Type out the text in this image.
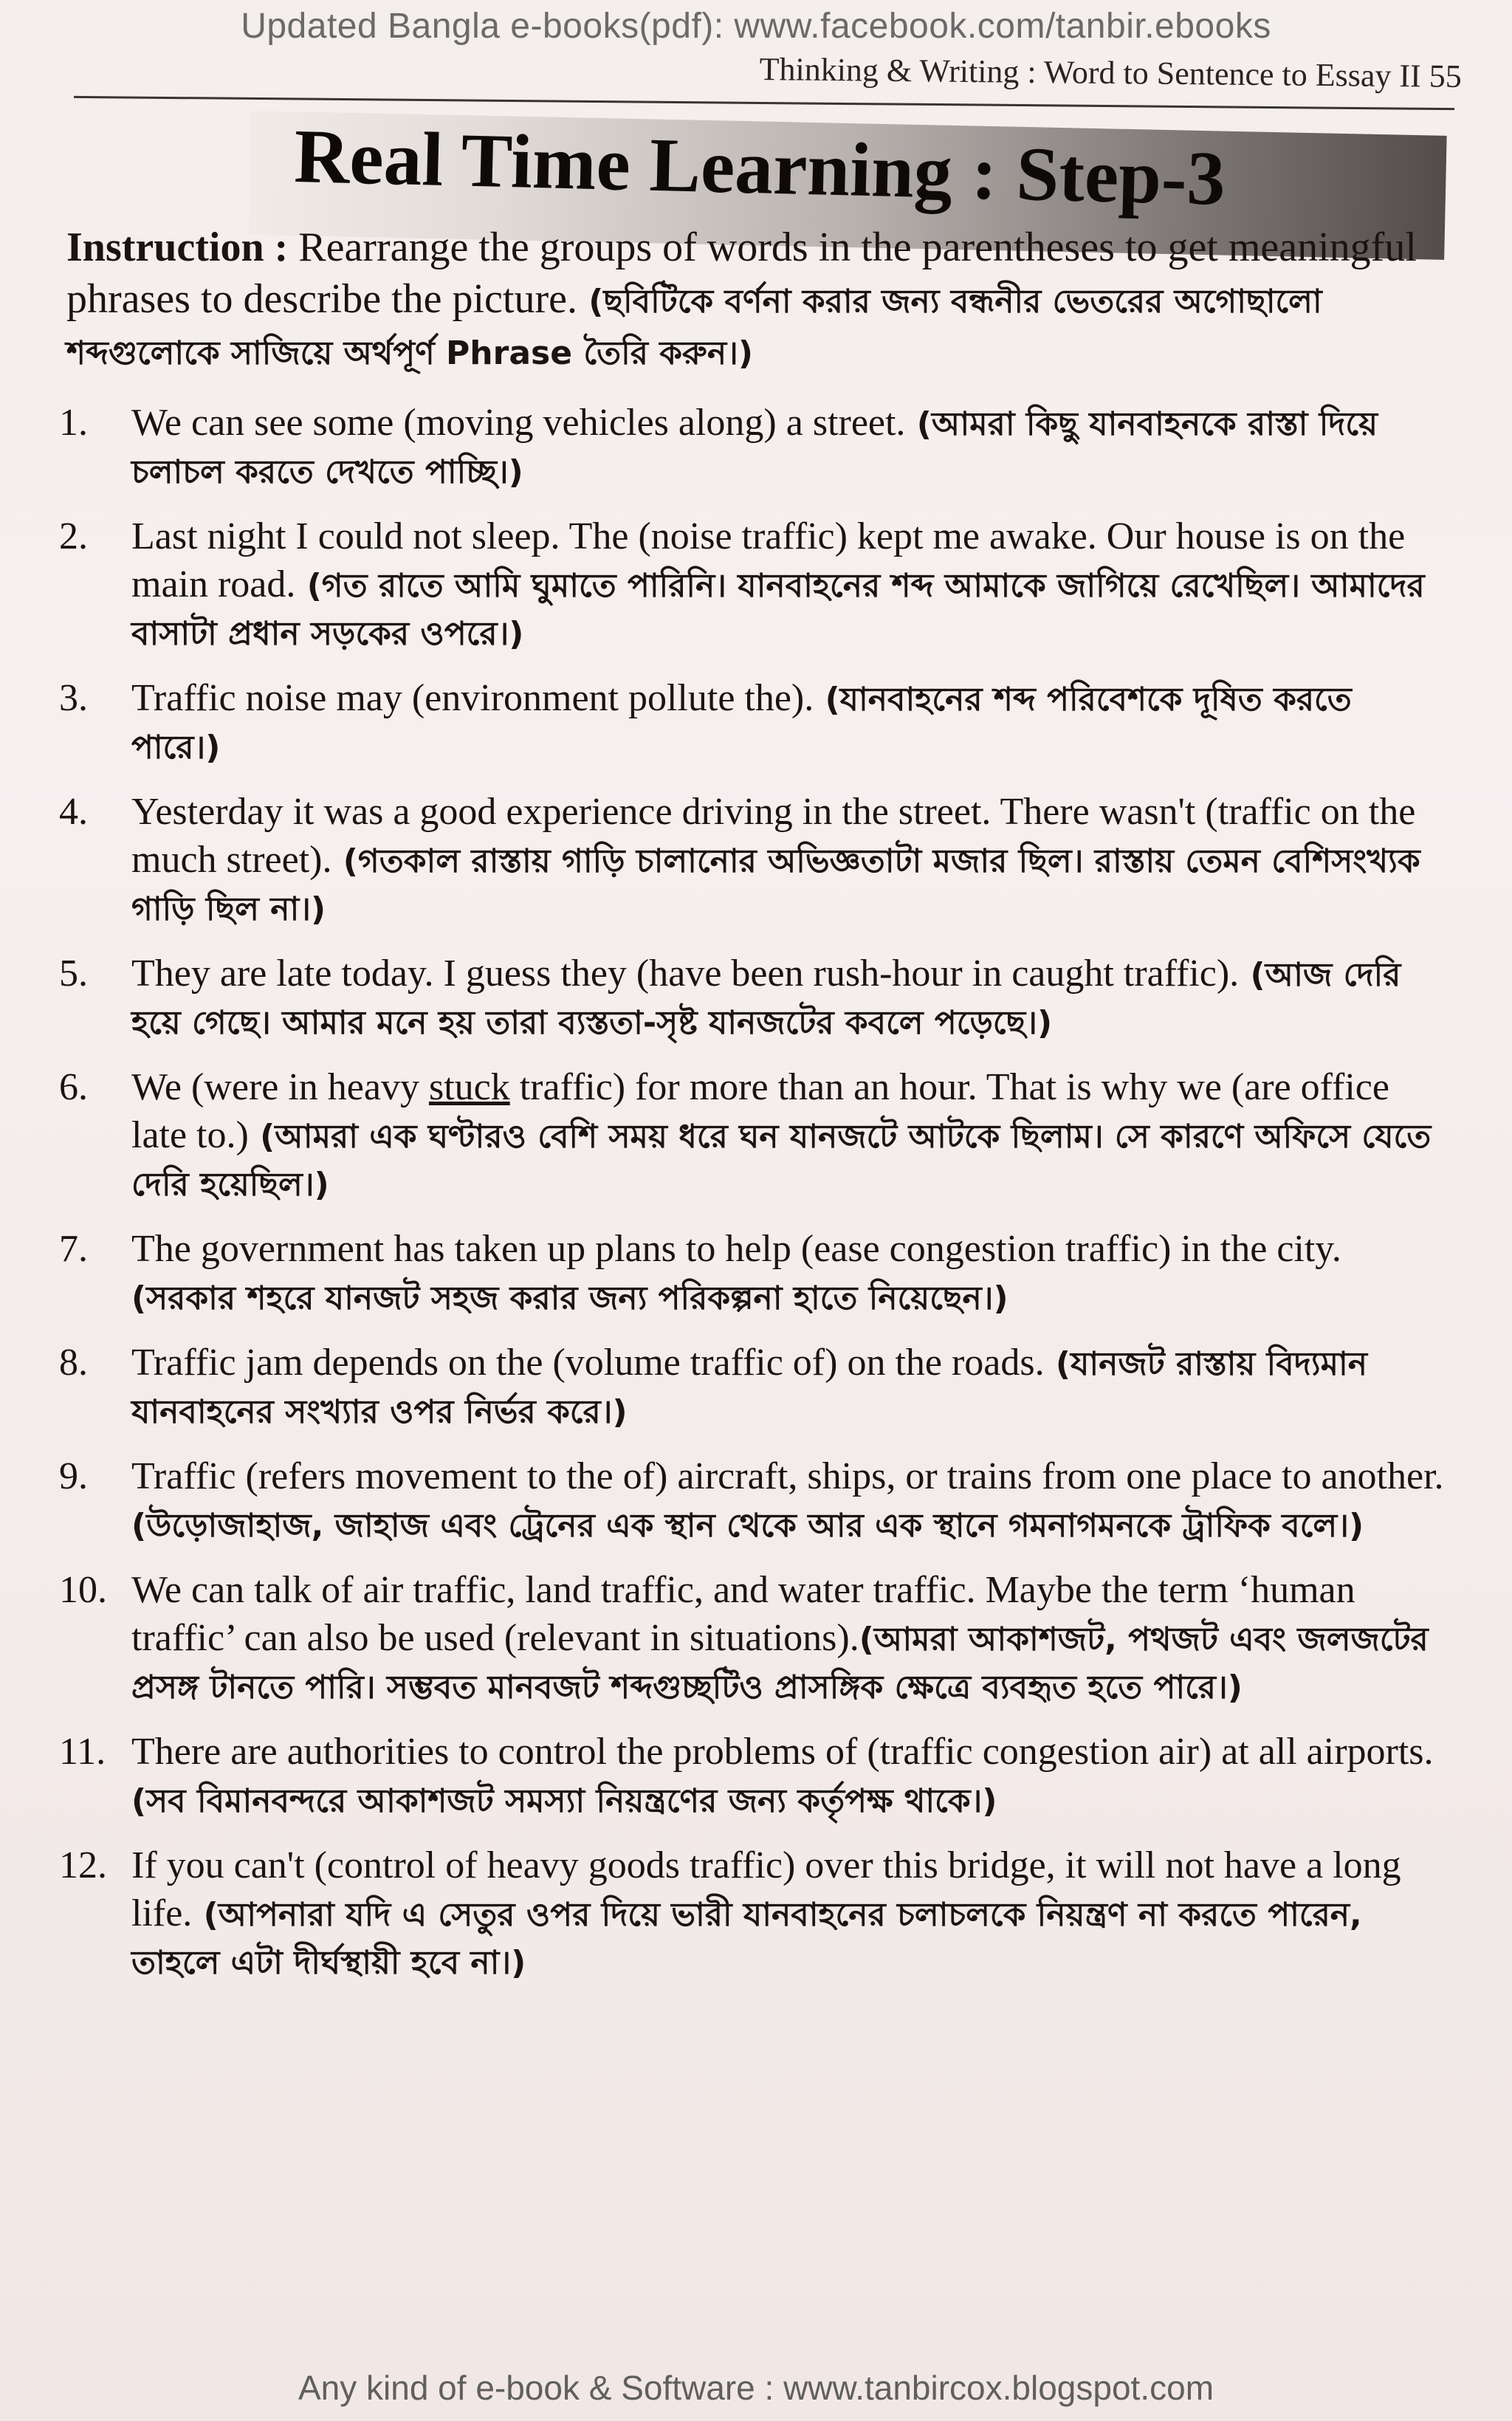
Updated Bangla e-books(pdf): www.facebook.com/tanbir.ebooks
Thinking & Writing : Word to Sentence to Essay II 55
Real Time Learning : Step-3

Instruction : Rearrange the groups of words in the parentheses to get meaningful phrases to describe the picture. (ছবিটিকে বর্ণনা করার জন্য বন্ধনীর ভেতরের অগোছালো শব্দগুলোকে সাজিয়ে অর্থপূর্ণ Phrase তৈরি করুন।)

1.	We can see some (moving vehicles along) a street. (আমরা কিছু যানবাহনকে রাস্তা দিয়ে চলাচল করতে দেখতে পাচ্ছি।)
2.	Last night I could not sleep. The (noise traffic) kept me awake. Our house is on the main road. (গত রাতে আমি ঘুমাতে পারিনি। যানবাহনের শব্দ আমাকে জাগিয়ে রেখেছিল। আমাদের বাসাটা প্রধান সড়কের ওপরে।)
3.	Traffic noise may (environment pollute the). (যানবাহনের শব্দ পরিবেশকে দূষিত করতে পারে।)
4.	Yesterday it was a good experience driving in the street. There wasn't (traffic on the much street). (গতকাল রাস্তায় গাড়ি চালানোর অভিজ্ঞতাটা মজার ছিল। রাস্তায় তেমন বেশিসংখ্যক গাড়ি ছিল না।)
5.	They are late today. I guess they (have been rush-hour in caught traffic). (আজ দেরি হয়ে গেছে। আমার মনে হয় তারা ব্যস্ততা-সৃষ্ট যানজটের কবলে পড়েছে।)
6.	We (were in heavy stuck traffic) for more than an hour. That is why we (are office late to.) (আমরা এক ঘণ্টারও বেশি সময় ধরে ঘন যানজটে আটকে ছিলাম। সে কারণে অফিসে যেতে দেরি হয়েছিল।)
7.	The government has taken up plans to help (ease congestion traffic) in the city. (সরকার শহরে যানজট সহজ করার জন্য পরিকল্পনা হাতে নিয়েছেন।)
8.	Traffic jam depends on the (volume traffic of) on the roads. (যানজট রাস্তায় বিদ্যমান যানবাহনের সংখ্যার ওপর নির্ভর করে।)
9.	Traffic (refers movement to the of) aircraft, ships, or trains from one place to another. (উড়োজাহাজ, জাহাজ এবং ট্রেনের এক স্থান থেকে আর এক স্থানে গমনাগমনকে ট্রাফিক বলে।)
10. We can talk of air traffic, land traffic, and water traffic. Maybe the term ‘human traffic’ can also be used (relevant in situations).(আমরা আকাশজট, পথজট এবং জলজটের প্রসঙ্গ টানতে পারি। সম্ভবত মানবজট শব্দগুচ্ছটিও প্রাসঙ্গিক ক্ষেত্রে ব্যবহৃত হতে পারে।)
11. There are authorities to control the problems of (traffic congestion air) at all airports.(সব বিমানবন্দরে আকাশজট সমস্যা নিয়ন্ত্রণের জন্য কর্তৃপক্ষ থাকে।)
12. If you can't (control of heavy goods traffic) over this bridge, it will not have a long life. (আপনারা যদি এ সেতুর ওপর দিয়ে ভারী যানবাহনের চলাচলকে নিয়ন্ত্রণ না করতে পারেন, তাহলে এটা দীর্ঘস্থায়ী হবে না।)
Any kind of e-book & Software : www.tanbircox.blogspot.com
